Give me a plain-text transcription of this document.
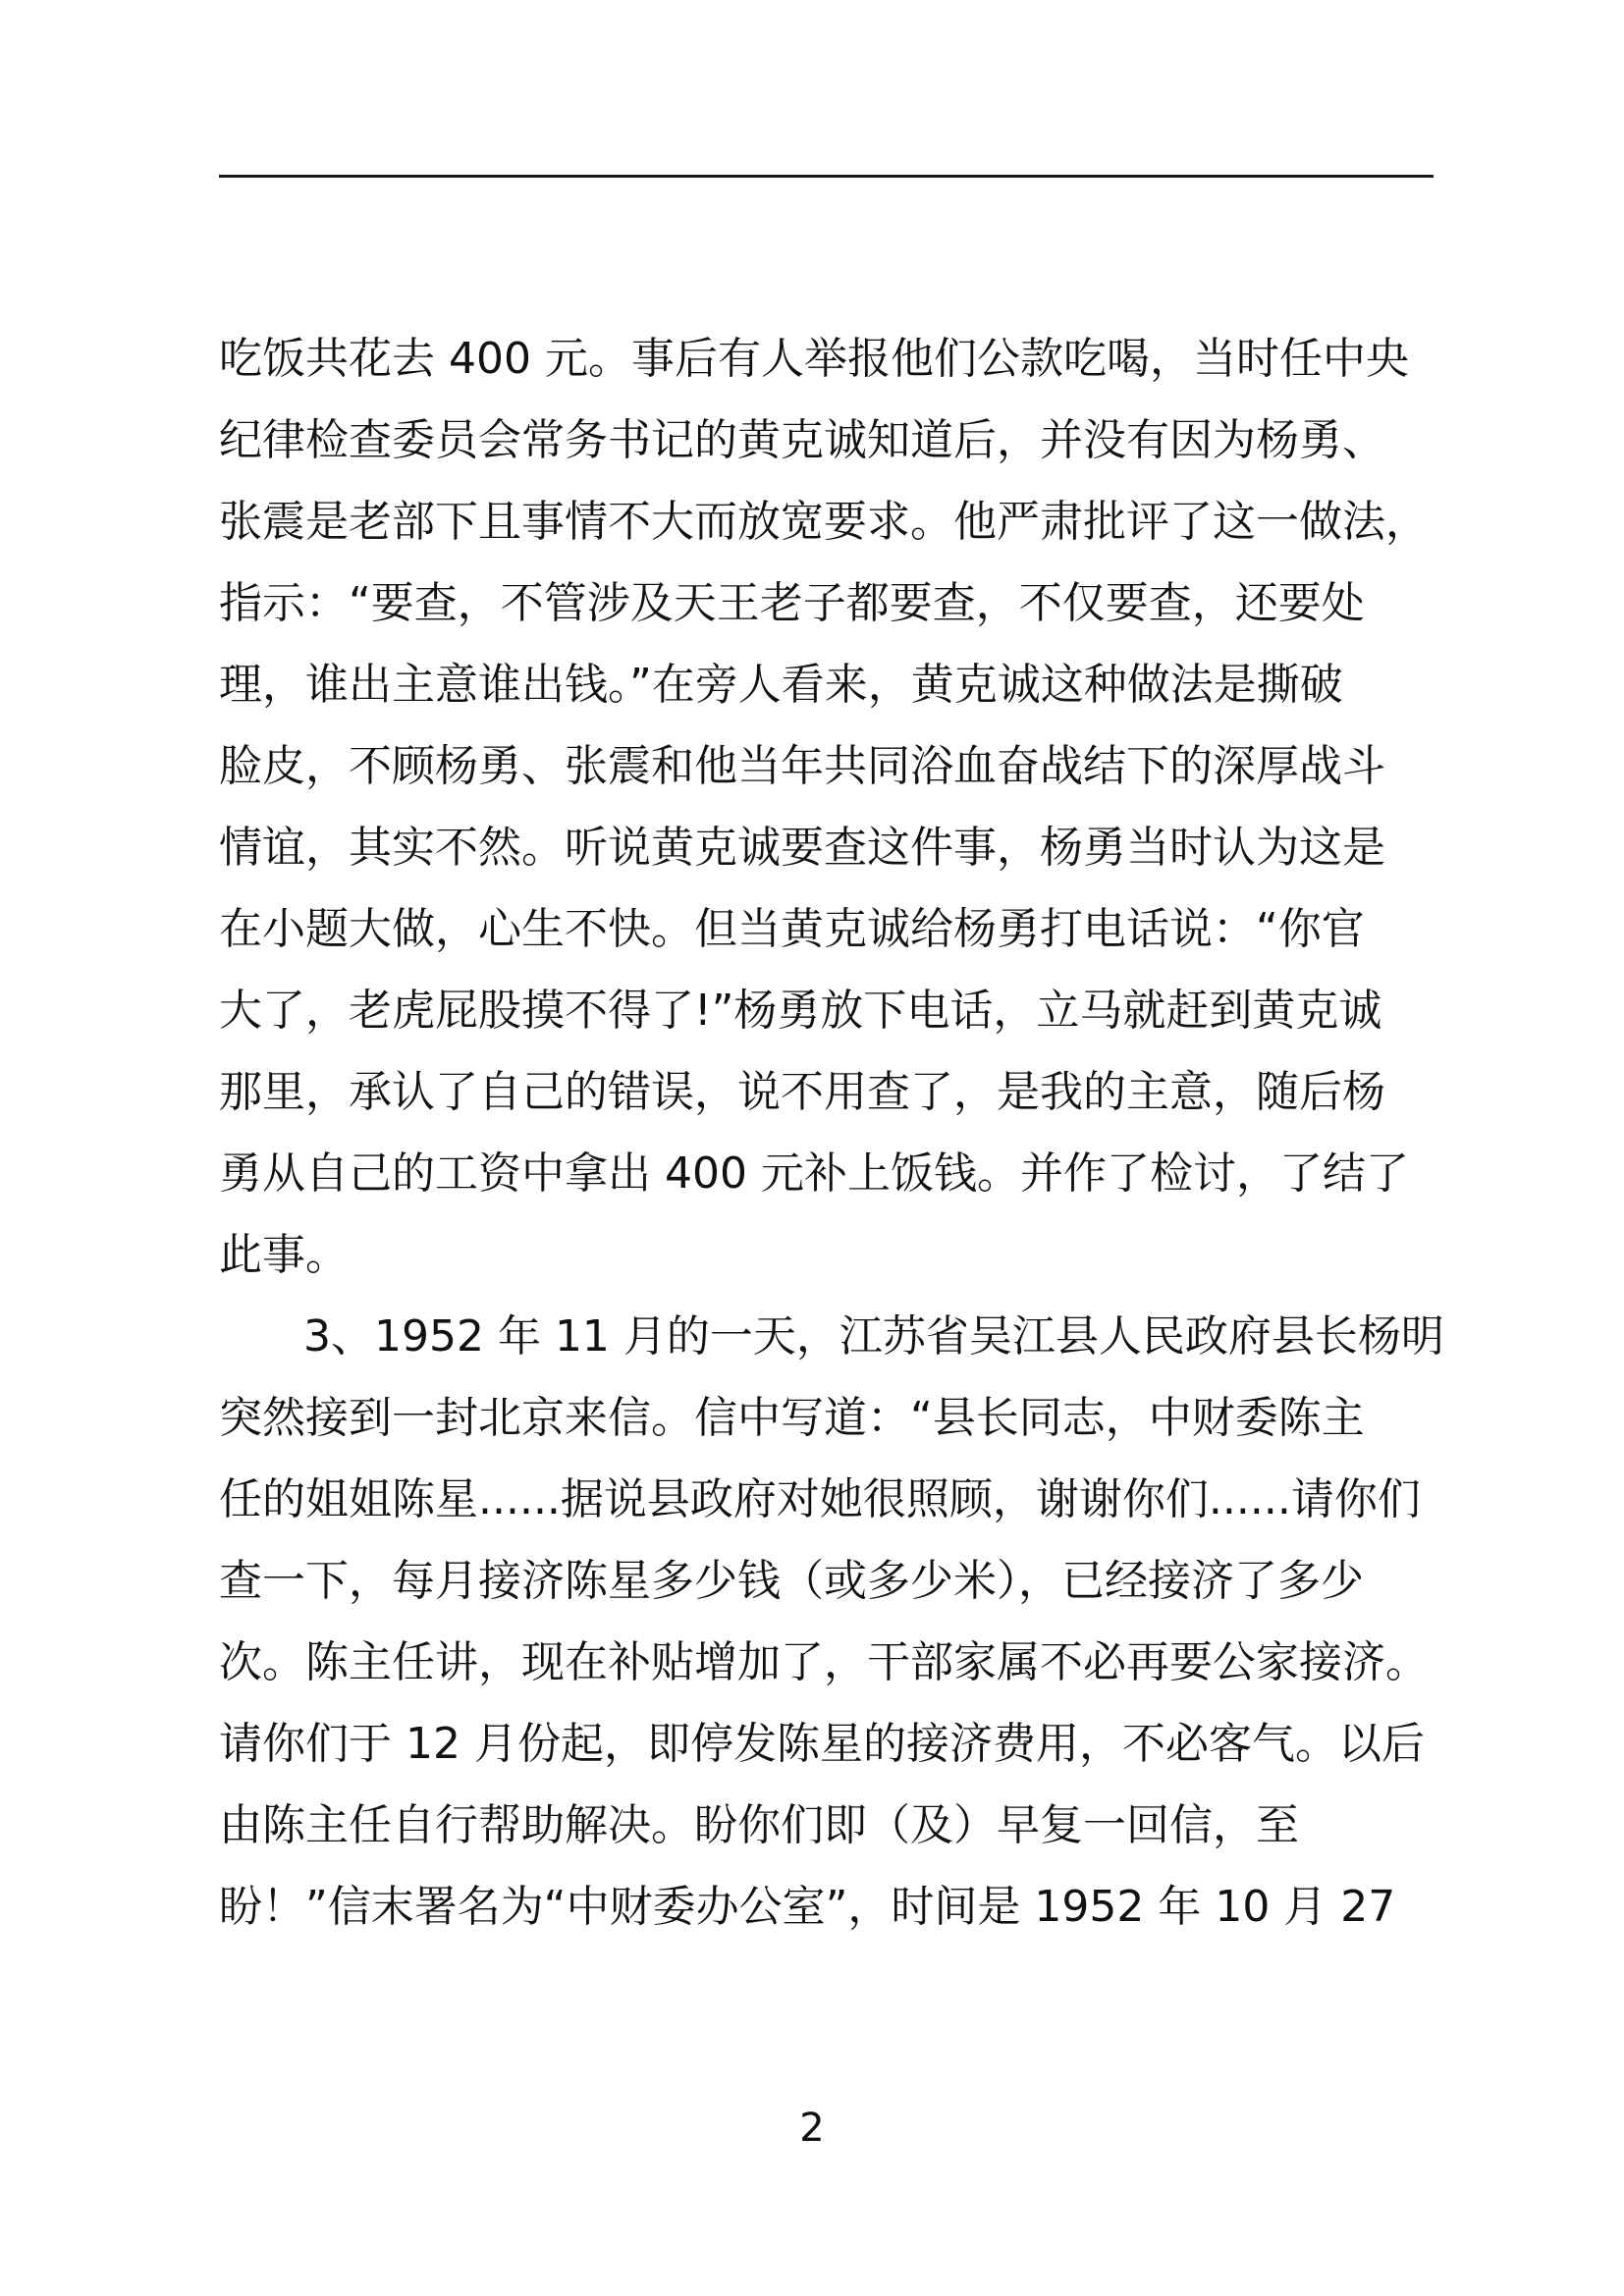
吃饭共花去 400 元。事后有人举报他们公款吃喝，当时任中央
纪律检查委员会常务书记的黄克诚知道后，并没有因为杨勇、
张震是老部下且事情不大而放宽要求。他严肃批评了这一做法，
指示：“要查，不管涉及天王老子都要查，不仅要查，还要处
理，谁出主意谁出钱。”在旁人看来，黄克诚这种做法是撕破
脸皮，不顾杨勇、张震和他当年共同浴血奋战结下的深厚战斗
情谊，其实不然。听说黄克诚要查这件事，杨勇当时认为这是
在小题大做，心生不快。但当黄克诚给杨勇打电话说：“你官
大了，老虎屁股摸不得了!”杨勇放下电话，立马就赶到黄克诚
那里，承认了自己的错误，说不用查了，是我的主意，随后杨
勇从自己的工资中拿出 400 元补上饭钱。并作了检讨，了结了
此事。
3、1952 年 11 月的一天，江苏省吴江县人民政府县长杨明
突然接到一封北京来信。信中写道：“县长同志，中财委陈主
任的姐姐陈星......据说县政府对她很照顾，谢谢你们......请你们
查一下，每月接济陈星多少钱（或多少米），已经接济了多少
次。陈主任讲，现在补贴增加了，干部家属不必再要公家接济。
请你们于 12 月份起，即停发陈星的接济费用，不必客气。以后
由陈主任自行帮助解决。盼你们即（及）早复一回信，至
盼！”信末署名为“中财委办公室”，时间是 1952 年 10 月 27
2
